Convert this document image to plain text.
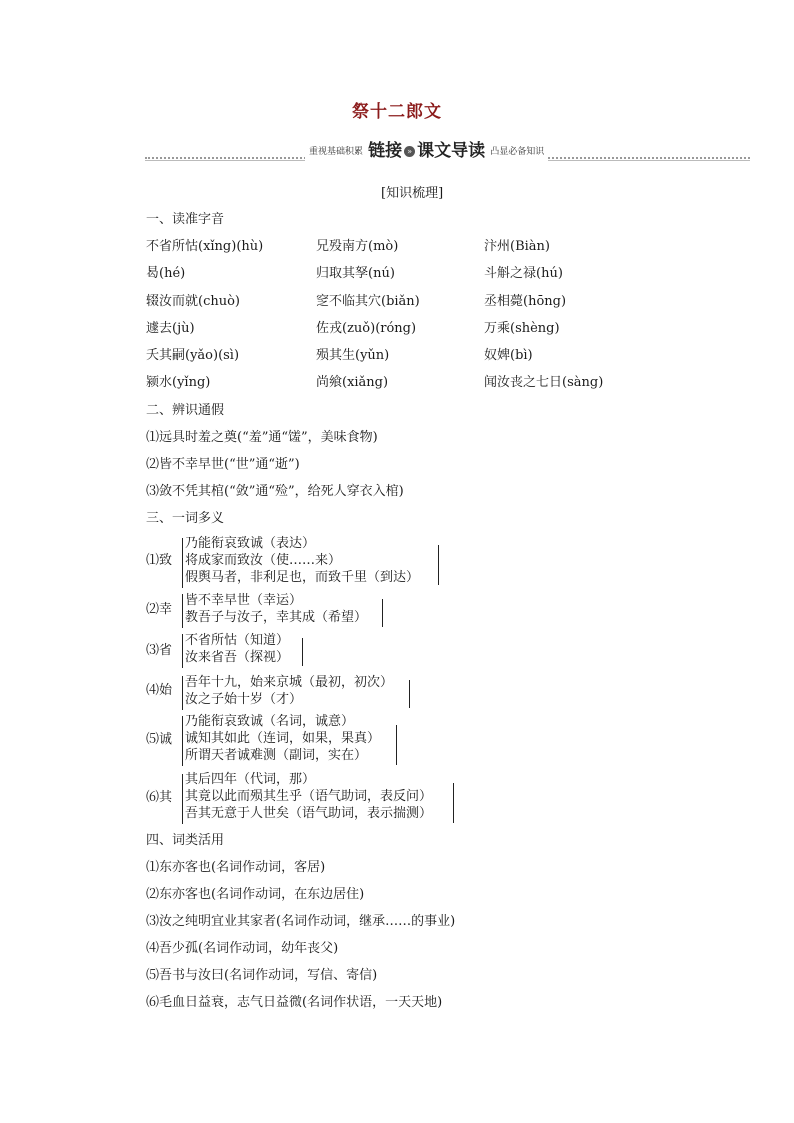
祭十二郎文
重视基础积累 链接 » 课文导读 凸显必备知识
[知识梳理]
一、读准字音
不省所怙(xǐng)(hù)	兄殁南方(mò)	汴州(Biàn)
曷(hé)	归取其孥(nú)	斗斛之禄(hú)
辍汝而就(chuò)	窆不临其穴(biǎn)	丞相薨(hōng)
遽去(jù)	佐戎(zuǒ)(róng)	万乘(shèng)
夭其嗣(yǎo)(sì)	殒其生(yǔn)	奴婢(bì)
颍水(yǐng)	尚飨(xiǎng)	闻汝丧之七日(sàng)
二、辨识通假
⑴远具时羞之奠(“羞”通“馐”，美味食物)
⑵皆不幸早世(“世”通“逝”)
⑶敛不凭其棺(“敛”通“殓”，给死人穿衣入棺)
三、一词多义
⑴致
乃能衔哀致诚（表达）
将成家而致汝（使……来）
假舆马者，非利足也，而致千里（到达）
⑵幸
皆不幸早世（幸运）
教吾子与汝子，幸其成（希望）
⑶省
不省所怙（知道）
汝来省吾（探视）
⑷始
吾年十九，始来京城（最初，初次）
汝之子始十岁（才）
⑸诚
乃能衔哀致诚（名词，诚意）
诚知其如此（连词，如果，果真）
所谓天者诚难测（副词，实在）
⑹其
其后四年（代词，那）
其竟以此而殒其生乎（语气助词，表反问）
吾其无意于人世矣（语气助词，表示揣测）
四、词类活用
⑴东亦客也(名词作动词，客居)
⑵东亦客也(名词作动词，在东边居住)
⑶汝之纯明宜业其家者(名词作动词，继承……的事业)
⑷吾少孤(名词作动词，幼年丧父)
⑸吾书与汝曰(名词作动词，写信、寄信)
⑹毛血日益衰，志气日益微(名词作状语，一天天地)
